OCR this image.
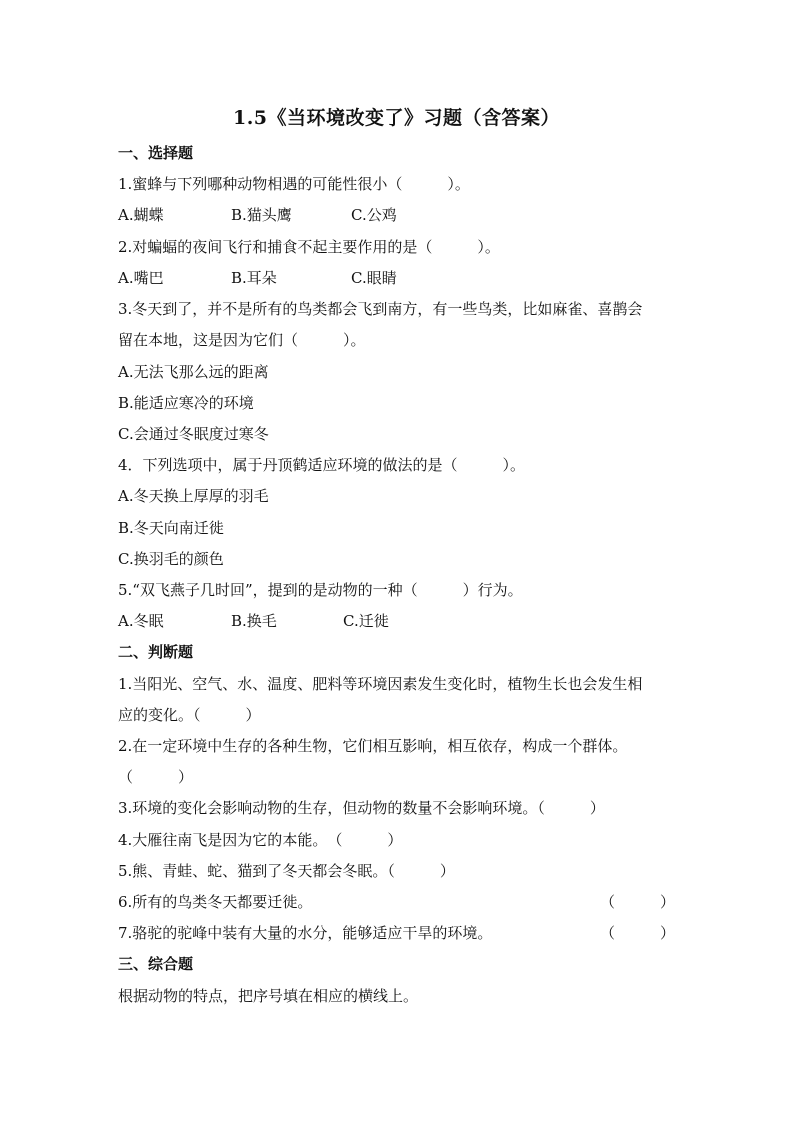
1.5《当环境改变了》习题（含答案）
一、选择题
1.蜜蜂与下列哪种动物相遇的可能性很小（　　　）。
A.蝴蝶	B.猫头鹰	C.公鸡
2.对蝙蝠的夜间飞行和捕食不起主要作用的是（　　　）。
A.嘴巴	B.耳朵	C.眼睛
3.冬天到了，并不是所有的鸟类都会飞到南方，有一些鸟类，比如麻雀、喜鹊会
留在本地，这是因为它们（　　　）。
A.无法飞那么远的距离
B.能适应寒冷的环境
C.会通过冬眠度过寒冬
4．下列选项中，属于丹顶鹤适应环境的做法的是（　　　）。
A.冬天换上厚厚的羽毛
B.冬天向南迁徙
C.换羽毛的颜色
5.“双飞燕子几时回”，提到的是动物的一种（　　　）行为。
A.冬眠	B.换毛	C.迁徙
二、判断题
1.当阳光、空气、水、温度、肥料等环境因素发生变化时，植物生长也会发生相
应的变化。（　　　）
2.在一定环境中生存的各种生物，它们相互影响，相互依存，构成一个群体。
（　　　）
3.环境的变化会影响动物的生存，但动物的数量不会影响环境。（　　　）
4.大雁往南飞是因为它的本能。　（　　　）
5.熊、青蛙、蛇、猫到了冬天都会冬眠。（　　　）
6.所有的鸟类冬天都要迁徙。	（　　　）
7.骆驼的驼峰中装有大量的水分，能够适应干旱的环境。	（　　　）
三、综合题
根据动物的特点，把序号填在相应的横线上。
